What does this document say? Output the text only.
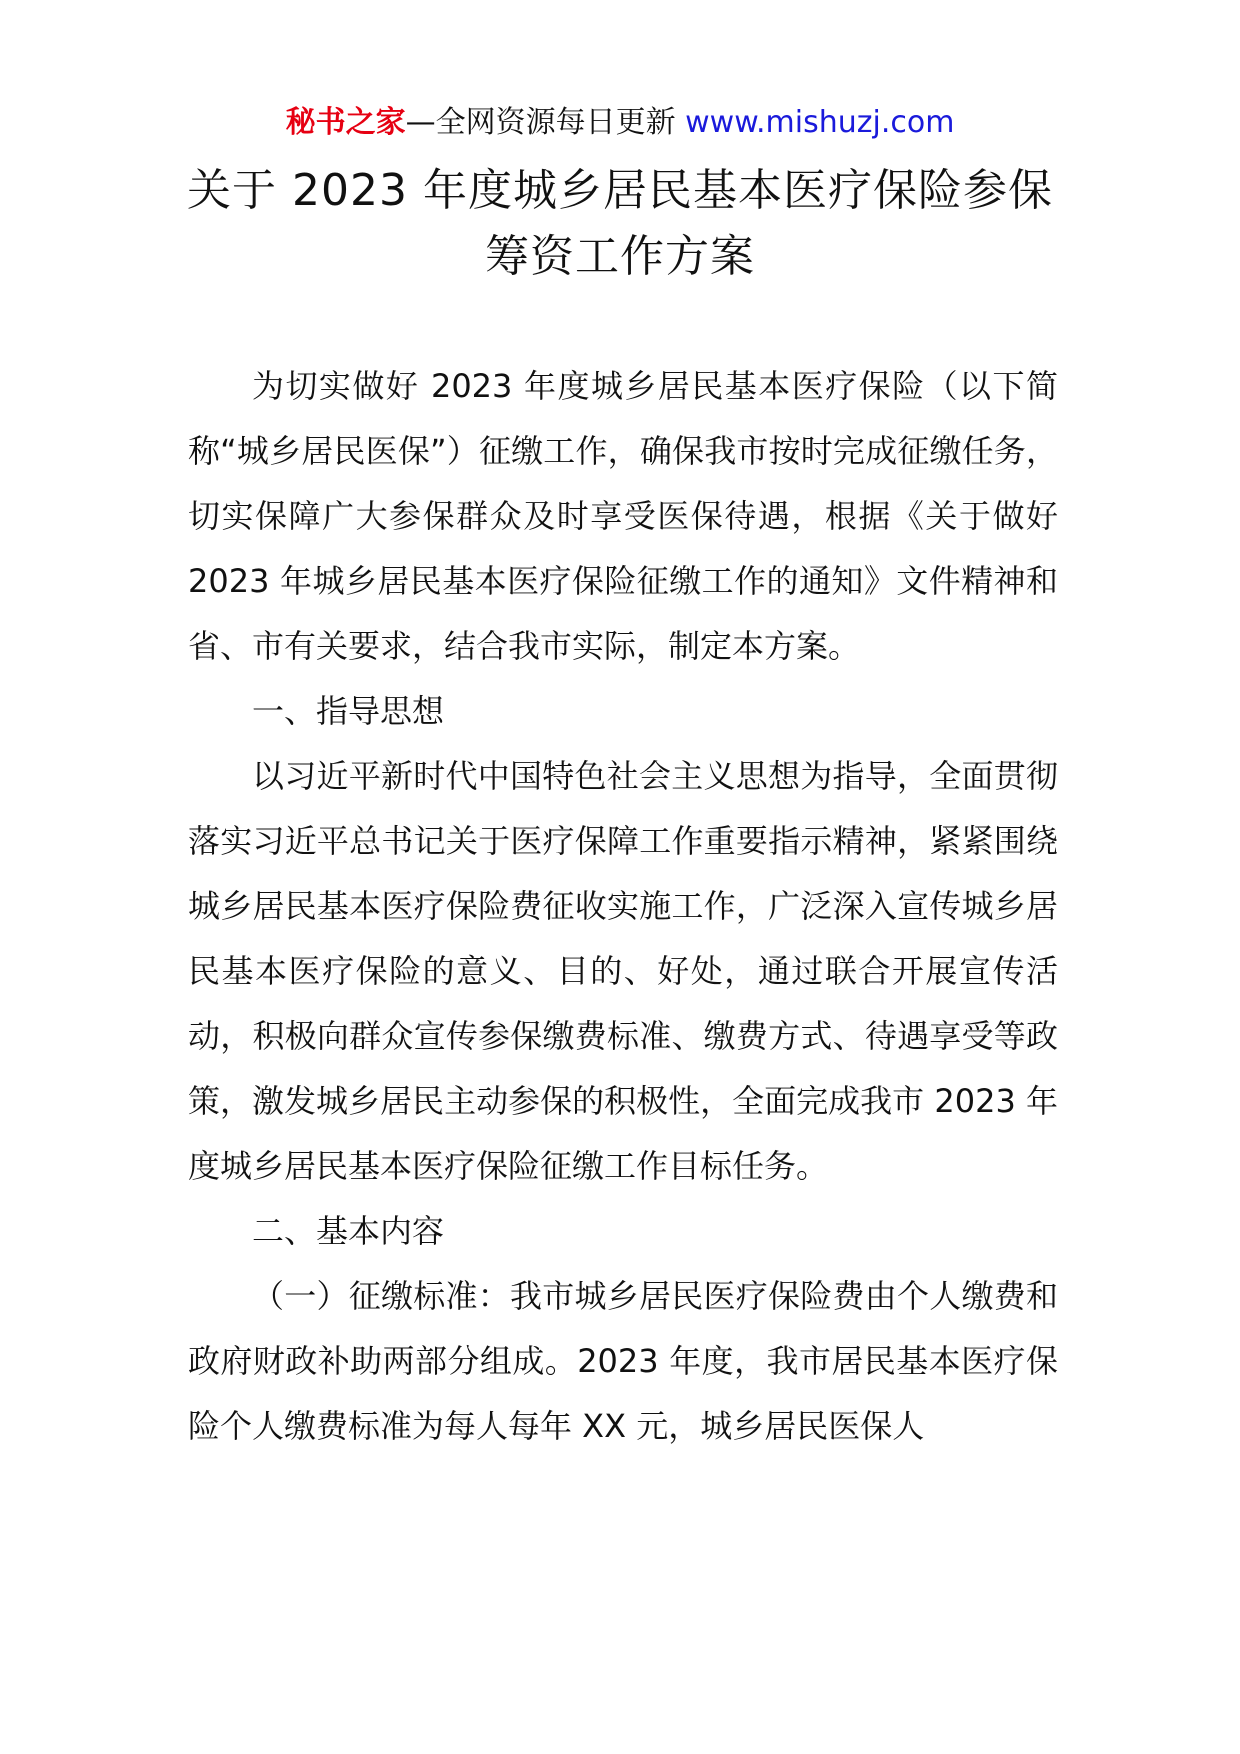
秘书之家—全网资源每日更新 www.mishuzj.com
关于 2023 年度城乡居民基本医疗保险参保
筹资工作方案

为切实做好 2023 年度城乡居民基本医疗保险（以下简称“城乡居民医保”）征缴工作，确保我市按时完成征缴任务，切实保障广大参保群众及时享受医保待遇，根据《关于做好 2023 年城乡居民基本医疗保险征缴工作的通知》文件精神和省、市有关要求，结合我市实际，制定本方案。

一、指导思想

以习近平新时代中国特色社会主义思想为指导，全面贯彻落实习近平总书记关于医疗保障工作重要指示精神，紧紧围绕城乡居民基本医疗保险费征收实施工作，广泛深入宣传城乡居民基本医疗保险的意义、目的、好处，通过联合开展宣传活动，积极向群众宣传参保缴费标准、缴费方式、待遇享受等政策，激发城乡居民主动参保的积极性，全面完成我市 2023 年度城乡居民基本医疗保险征缴工作目标任务。

二、基本内容

（一）征缴标准：我市城乡居民医疗保险费由个人缴费和政府财政补助两部分组成。2023 年度，我市居民基本医疗保险个人缴费标准为每人每年 XX 元，城乡居民医保人
